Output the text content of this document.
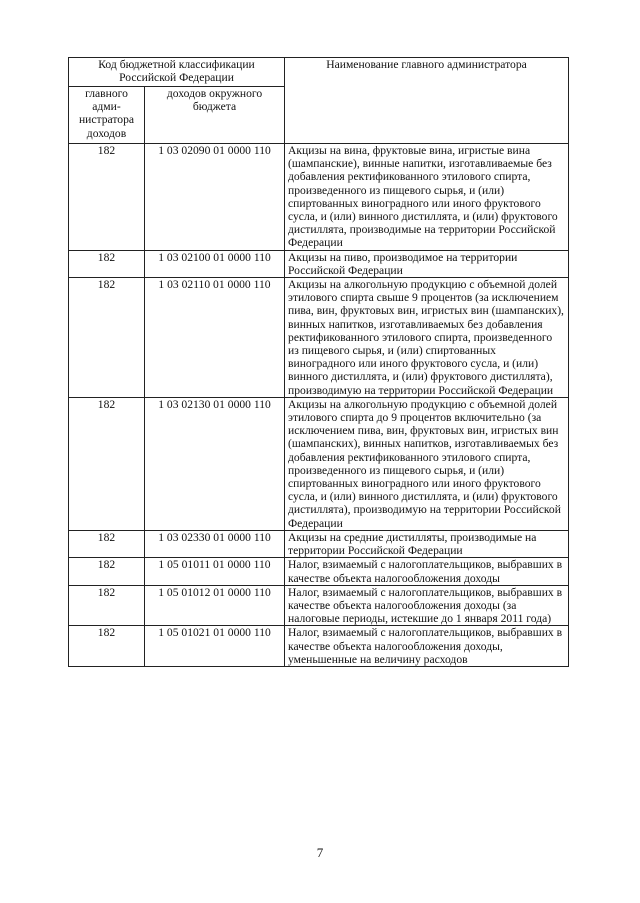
Код бюджетной классификации Российской Федерации		Наименование главного администратора
главного адми-нистратора доходов	доходов окружного бюджета	
182	1 03 02090 01 0000 110	Акцизы на вина, фруктовые вина, игристые вина (шампанские), винные напитки, изготавливаемые без добавления ректификованного этилового спирта, произведенного из пищевого сырья, и (или) спиртованных виноградного или иного фруктового сусла, и (или) винного дистиллята, и (или) фруктового дистиллята, производимые на территории Российской Федерации
182	1 03 02100 01 0000 110	Акцизы на пиво, производимое на территории Российской Федерации
182	1 03 02110 01 0000 110	Акцизы на алкогольную продукцию с объемной долей этилового спирта свыше 9 процентов (за исключением пива, вин, фруктовых вин, игристых вин (шампанских), винных напитков, изготавливаемых без добавления ректификованного этилового спирта, произведенного из пищевого сырья, и (или) спиртованных виноградного или иного фруктового сусла, и (или) винного дистиллята, и (или) фруктового дистиллята), производимую на территории Российской Федерации
182	1 03 02130 01 0000 110	Акцизы на алкогольную продукцию с объемной долей этилового спирта до 9 процентов включительно (за исключением пива, вин, фруктовых вин, игристых вин (шампанских), винных напитков, изготавливаемых без добавления ректификованного этилового спирта, произведенного из пищевого сырья, и (или) спиртованных виноградного или иного фруктового сусла, и (или) винного дистиллята, и (или) фруктового дистиллята), производимую на территории Российской Федерации
182	1 03 02330 01 0000 110	Акцизы на средние дистилляты, производимые на территории Российской Федерации
182	1 05 01011 01 0000 110	Налог, взимаемый с налогоплательщиков, выбравших в качестве объекта налогообложения доходы
182	1 05 01012 01 0000 110	Налог, взимаемый с налогоплательщиков, выбравших в качестве объекта налогообложения доходы (за налоговые периоды, истекшие до 1 января 2011 года)
182	1 05 01021 01 0000 110	Налог, взимаемый с налогоплательщиков, выбравших в качестве объекта налогообложения доходы, уменьшенные на величину расходов
7
